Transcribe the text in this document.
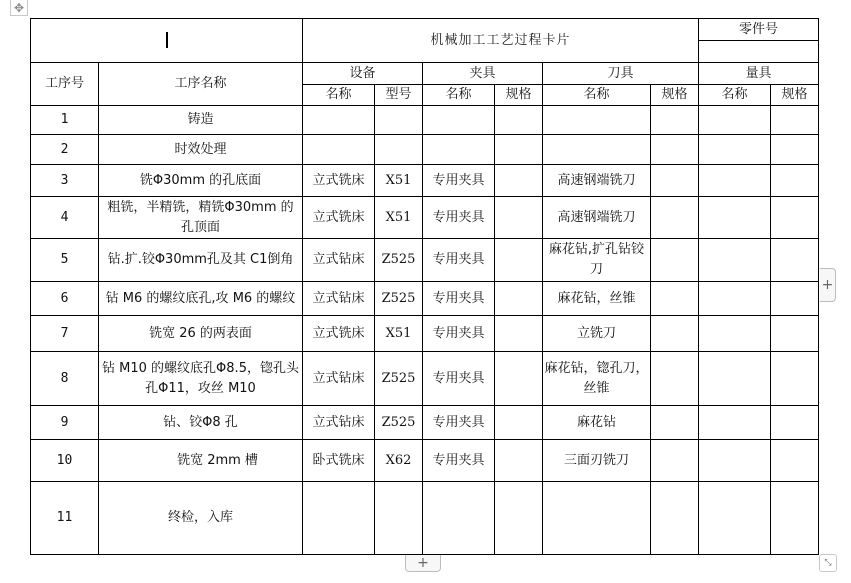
✥
		机械加工工艺过程卡片						零件号	

工序号	工序名称	设备		夹具		刀具		量具	
		名称	型号	名称	规格	名称	规格	名称	规格
1	铸造								
2	时效处理								
3	铣Φ30mm 的孔底面	立式铣床	X51	专用夹具		高速钢端铣刀			
4	粗铣，半精铣，精铣Φ30mm 的孔顶面	立式铣床	X51	专用夹具		高速钢端铣刀			
5	钻.扩.铰Φ30mm孔及其 C1倒角	立式钻床	Z525	专用夹具		麻花钻,扩孔钻铰刀			
6	钻 M6 的螺纹底孔,攻 M6 的螺纹	立式钻床	Z525	专用夹具		麻花钻，丝锥			
7	铣宽 26 的两表面	立式铣床	X51	专用夹具		立铣刀			
8	钻 M10 的螺纹底孔Φ8.5，锪孔头孔Φ11，攻丝 M10	立式钻床	Z525	专用夹具		麻花钻，锪孔刀，丝锥			
9	钻、铰Φ8 孔	立式钻床	Z525	专用夹具		麻花钻			
10	铣宽 2mm 槽	卧式铣床	X62	专用夹具		三面刃铣刀			
11	终检，入库								
+
+	⤡
